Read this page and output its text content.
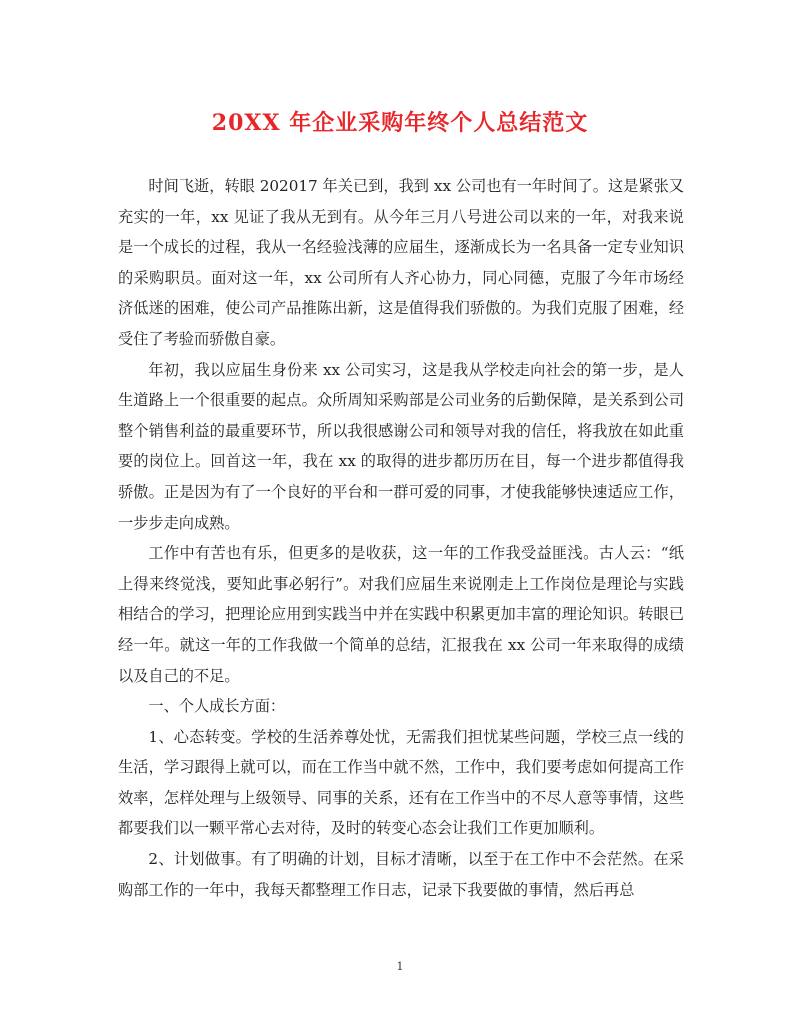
20XX 年企业采购年终个人总结范文

时间飞逝，转眼 202017 年关已到，我到 xx 公司也有一年时间了。这是紧张又充实的一年，xx 见证了我从无到有。从今年三月八号进公司以来的一年，对我来说是一个成长的过程，我从一名经验浅薄的应届生，逐渐成长为一名具备一定专业知识的采购职员。面对这一年，xx 公司所有人齐心协力，同心同德，克服了今年市场经济低迷的困难，使公司产品推陈出新，这是值得我们骄傲的。为我们克服了困难，经受住了考验而骄傲自豪。

年初，我以应届生身份来 xx 公司实习，这是我从学校走向社会的第一步，是人生道路上一个很重要的起点。众所周知采购部是公司业务的后勤保障，是关系到公司整个销售利益的最重要环节，所以我很感谢公司和领导对我的信任，将我放在如此重要的岗位上。回首这一年，我在 xx 的取得的进步都历历在目，每一个进步都值得我骄傲。正是因为有了一个良好的平台和一群可爱的同事，才使我能够快速适应工作，一步步走向成熟。

工作中有苦也有乐，但更多的是收获，这一年的工作我受益匪浅。古人云：“纸上得来终觉浅，要知此事必躬行”。对我们应届生来说刚走上工作岗位是理论与实践相结合的学习，把理论应用到实践当中并在实践中积累更加丰富的理论知识。转眼已经一年。就这一年的工作我做一个简单的总结，汇报我在 xx 公司一年来取得的成绩以及自己的不足。

一、个人成长方面：

1、心态转变。学校的生活养尊处忧，无需我们担忧某些问题，学校三点一线的生活，学习跟得上就可以，而在工作当中就不然，工作中，我们要考虑如何提高工作效率，怎样处理与上级领导、同事的关系，还有在工作当中的不尽人意等事情，这些都要我们以一颗平常心去对待，及时的转变心态会让我们工作更加顺利。

2、计划做事。有了明确的计划，目标才清晰，以至于在工作中不会茫然。在采购部工作的一年中，我每天都整理工作日志，记录下我要做的事情，然后再总

1
